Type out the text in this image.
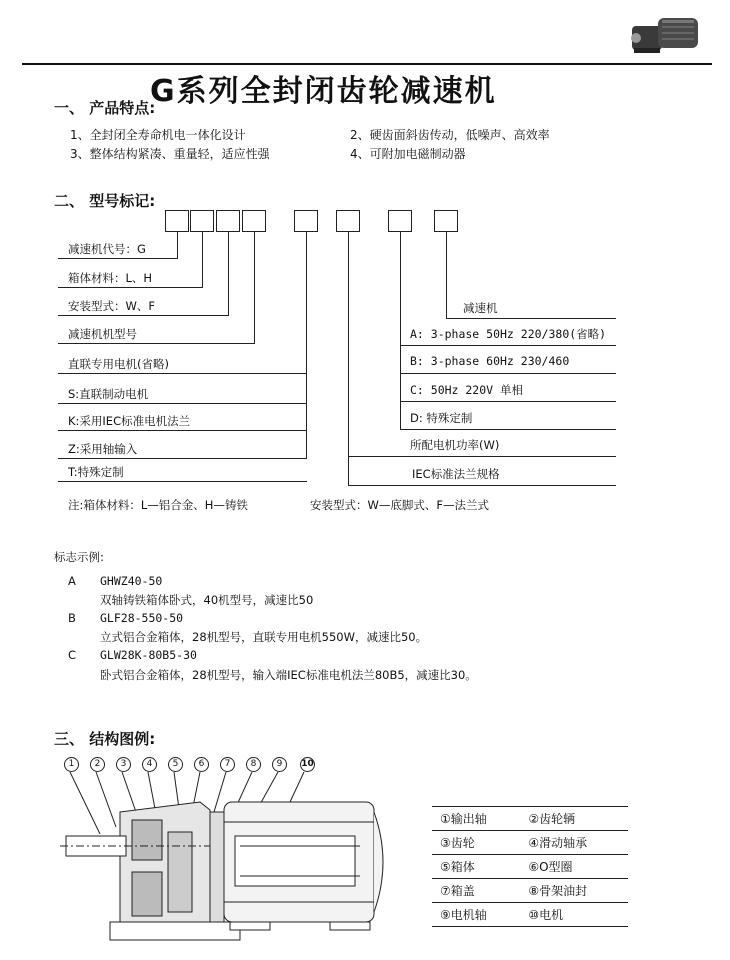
G系列全封闭齿轮减速机
一、 产品特点:
1、全封闭全寿命机电一体化设计	2、硬齿面斜齿传动，低噪声、高效率
3、整体结构紧凑、重量轻，适应性强	4、可附加电磁制动器
二、 型号标记:
减速机代号：G
箱体材料：L、H
安装型式：W、F
减速机机型号
直联专用电机(省略)
S:直联制动电机
K:采用IEC标准电机法兰
Z:采用轴输入
T:特殊定制
减速机
A: 3-phase 50Hz 220/380(省略)
B: 3-phase 60Hz 230/460
C: 50Hz 220V 单相
D: 特殊定制
所配电机功率(W)
IEC标准法兰规格
注:箱体材料：L—铝合金、H—铸铁	安装型式：W—底脚式、F—法兰式
标志示例:
A GHWZ40-50
双轴铸铁箱体卧式，40机型号，减速比50
B GLF28-550-50
立式铝合金箱体，28机型号，直联专用电机550W，减速比50。
C GLW28K-80B5-30
卧式铝合金箱体，28机型号，输入端IEC标准电机法兰80B5，减速比30。
三、 结构图例:
1	2	3	4	5	6	7	8	9	10
①输出轴	②齿轮辆
③齿轮	④滑动轴承
⑤箱体	⑥O型圈
⑦箱盖	⑧骨架油封
⑨电机轴	⑩电机
